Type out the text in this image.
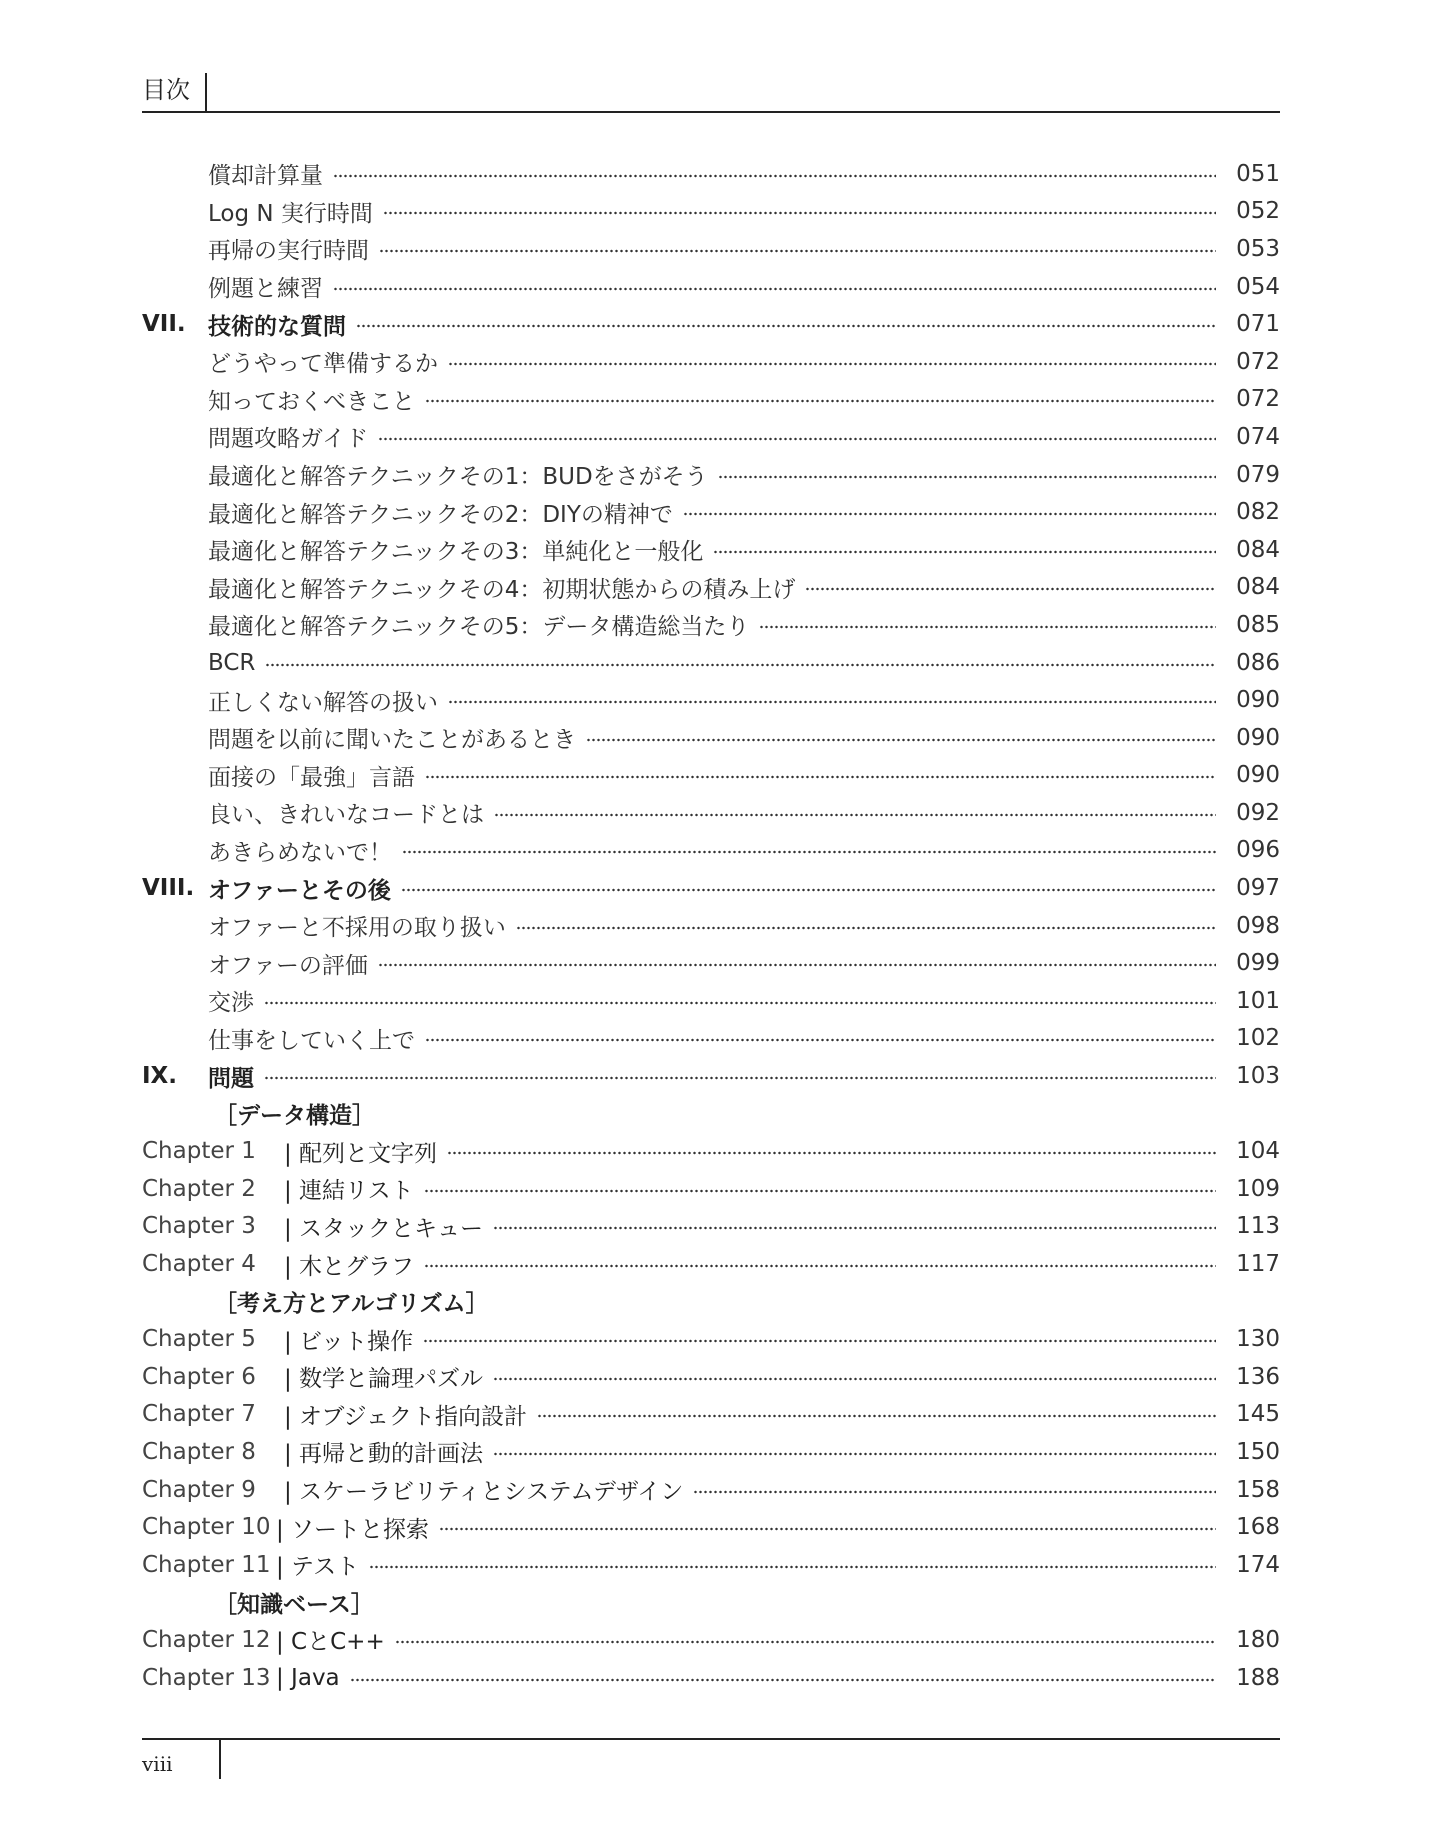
目次
償却計算量	051
Log N 実行時間	052
再帰の実行時間	053
例題と練習	054
VII. 技術的な質問	071
どうやって準備するか	072
知っておくべきこと	072
問題攻略ガイド	074
最適化と解答テクニックその1：BUDをさがそう	079
最適化と解答テクニックその2：DIYの精神で	082
最適化と解答テクニックその3：単純化と一般化	084
最適化と解答テクニックその4：初期状態からの積み上げ	084
最適化と解答テクニックその5：データ構造総当たり	085
BCR	086
正しくない解答の扱い	090
問題を以前に聞いたことがあるとき	090
面接の「最強」言語	090
良い、きれいなコードとは	092
あきらめないで！	096
VIII. オファーとその後	097
オファーと不採用の取り扱い	098
オファーの評価	099
交渉	101
仕事をしていく上で	102
IX.	問題	103
［データ構造］
Chapter 1	| 配列と文字列	104
Chapter 2	| 連結リスト	109
Chapter 3	| スタックとキュー	113
Chapter 4	| 木とグラフ	117
［考え方とアルゴリズム］
Chapter 5	| ビット操作	130
Chapter 6	| 数学と論理パズル	136
Chapter 7	| オブジェクト指向設計	145
Chapter 8	| 再帰と動的計画法	150
Chapter 9	| スケーラビリティとシステムデザイン	158
Chapter 10 | ソートと探索	168
Chapter 11 | テスト	174
［知識ベース］
Chapter 12 | CとC++	180
Chapter 13 | Java	188
viii
